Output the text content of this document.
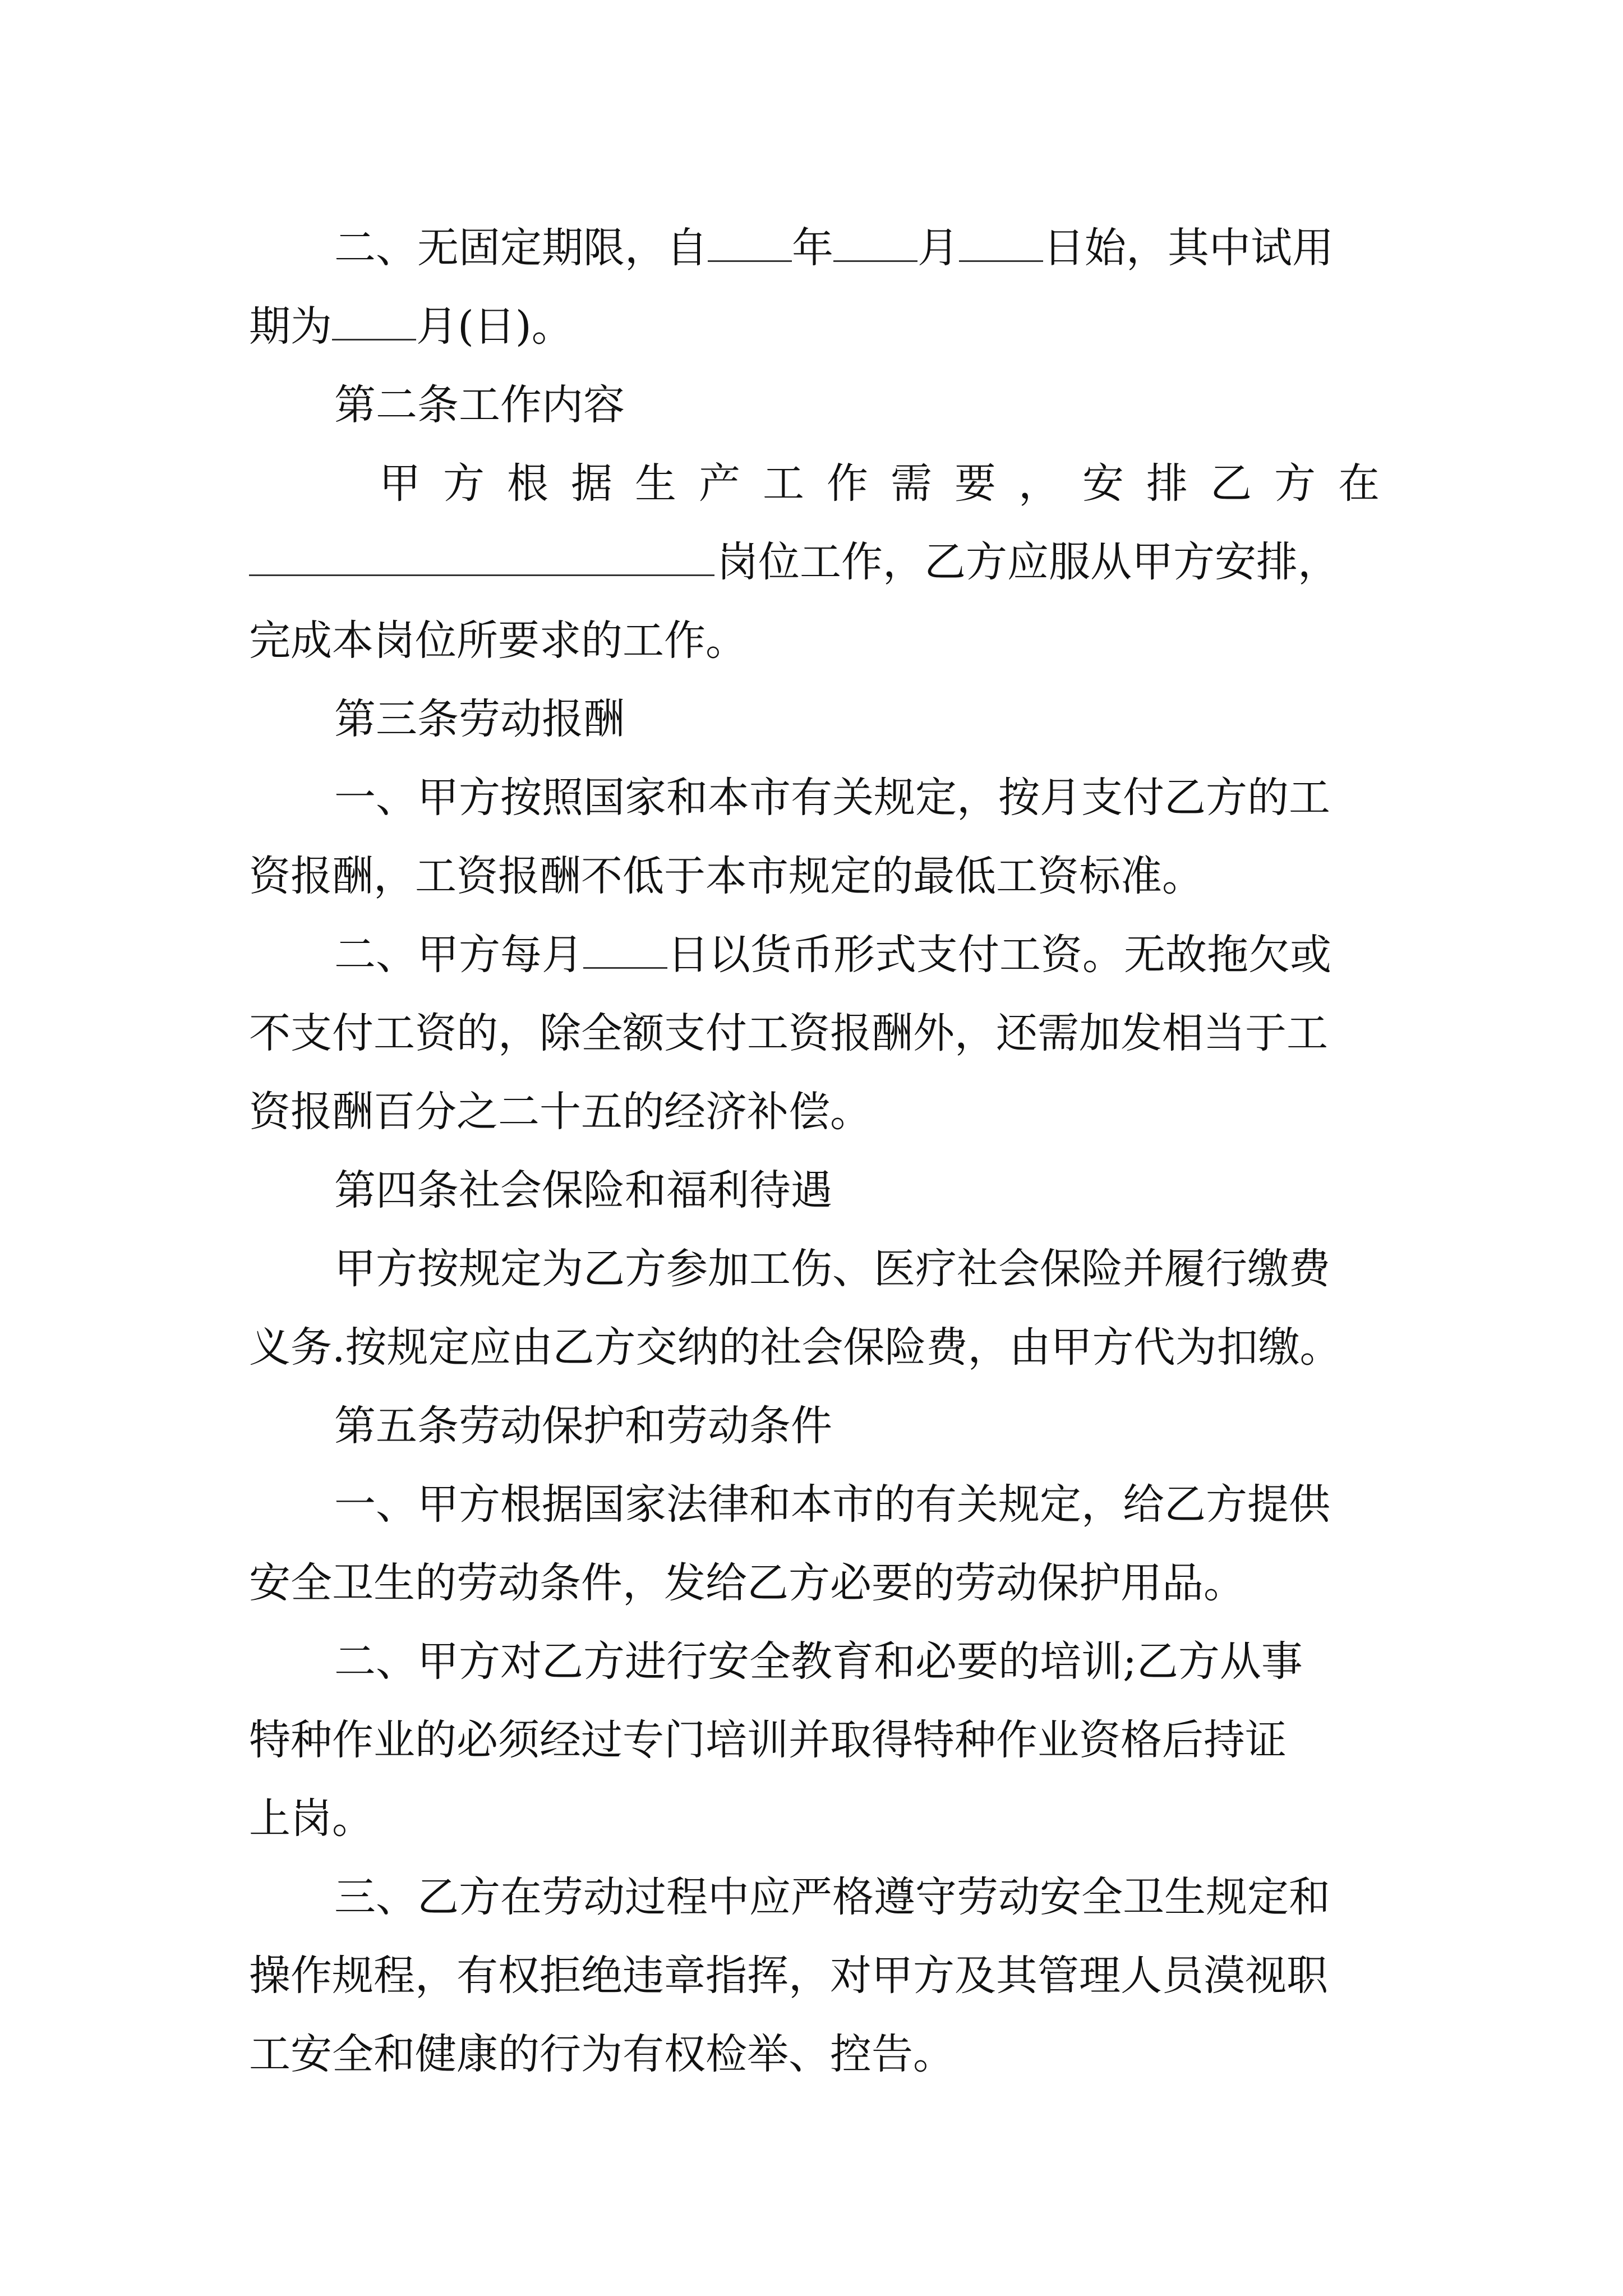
二、无固定期限，自 年 月 日始，其中试用
期为 月(日)。
第二条工作内容
甲方根据生产工作需要，安排乙方在
岗位工作，乙方应服从甲方安排，
完成本岗位所要求的工作。
第三条劳动报酬
一、甲方按照国家和本市有关规定，按月支付乙方的工
资报酬，工资报酬不低于本市规定的最低工资标准。
二、甲方每月 日以货币形式支付工资。无故拖欠或
不支付工资的，除全额支付工资报酬外，还需加发相当于工
资报酬百分之二十五的经济补偿。
第四条社会保险和福利待遇
甲方按规定为乙方参加工伤、医疗社会保险并履行缴费
义务.按规定应由乙方交纳的社会保险费，由甲方代为扣缴。
第五条劳动保护和劳动条件
一、甲方根据国家法律和本市的有关规定，给乙方提供
安全卫生的劳动条件，发给乙方必要的劳动保护用品。
二、甲方对乙方进行安全教育和必要的培训;乙方从事
特种作业的必须经过专门培训并取得特种作业资格后持证
上岗。
三、乙方在劳动过程中应严格遵守劳动安全卫生规定和
操作规程，有权拒绝违章指挥，对甲方及其管理人员漠视职
工安全和健康的行为有权检举、控告。
